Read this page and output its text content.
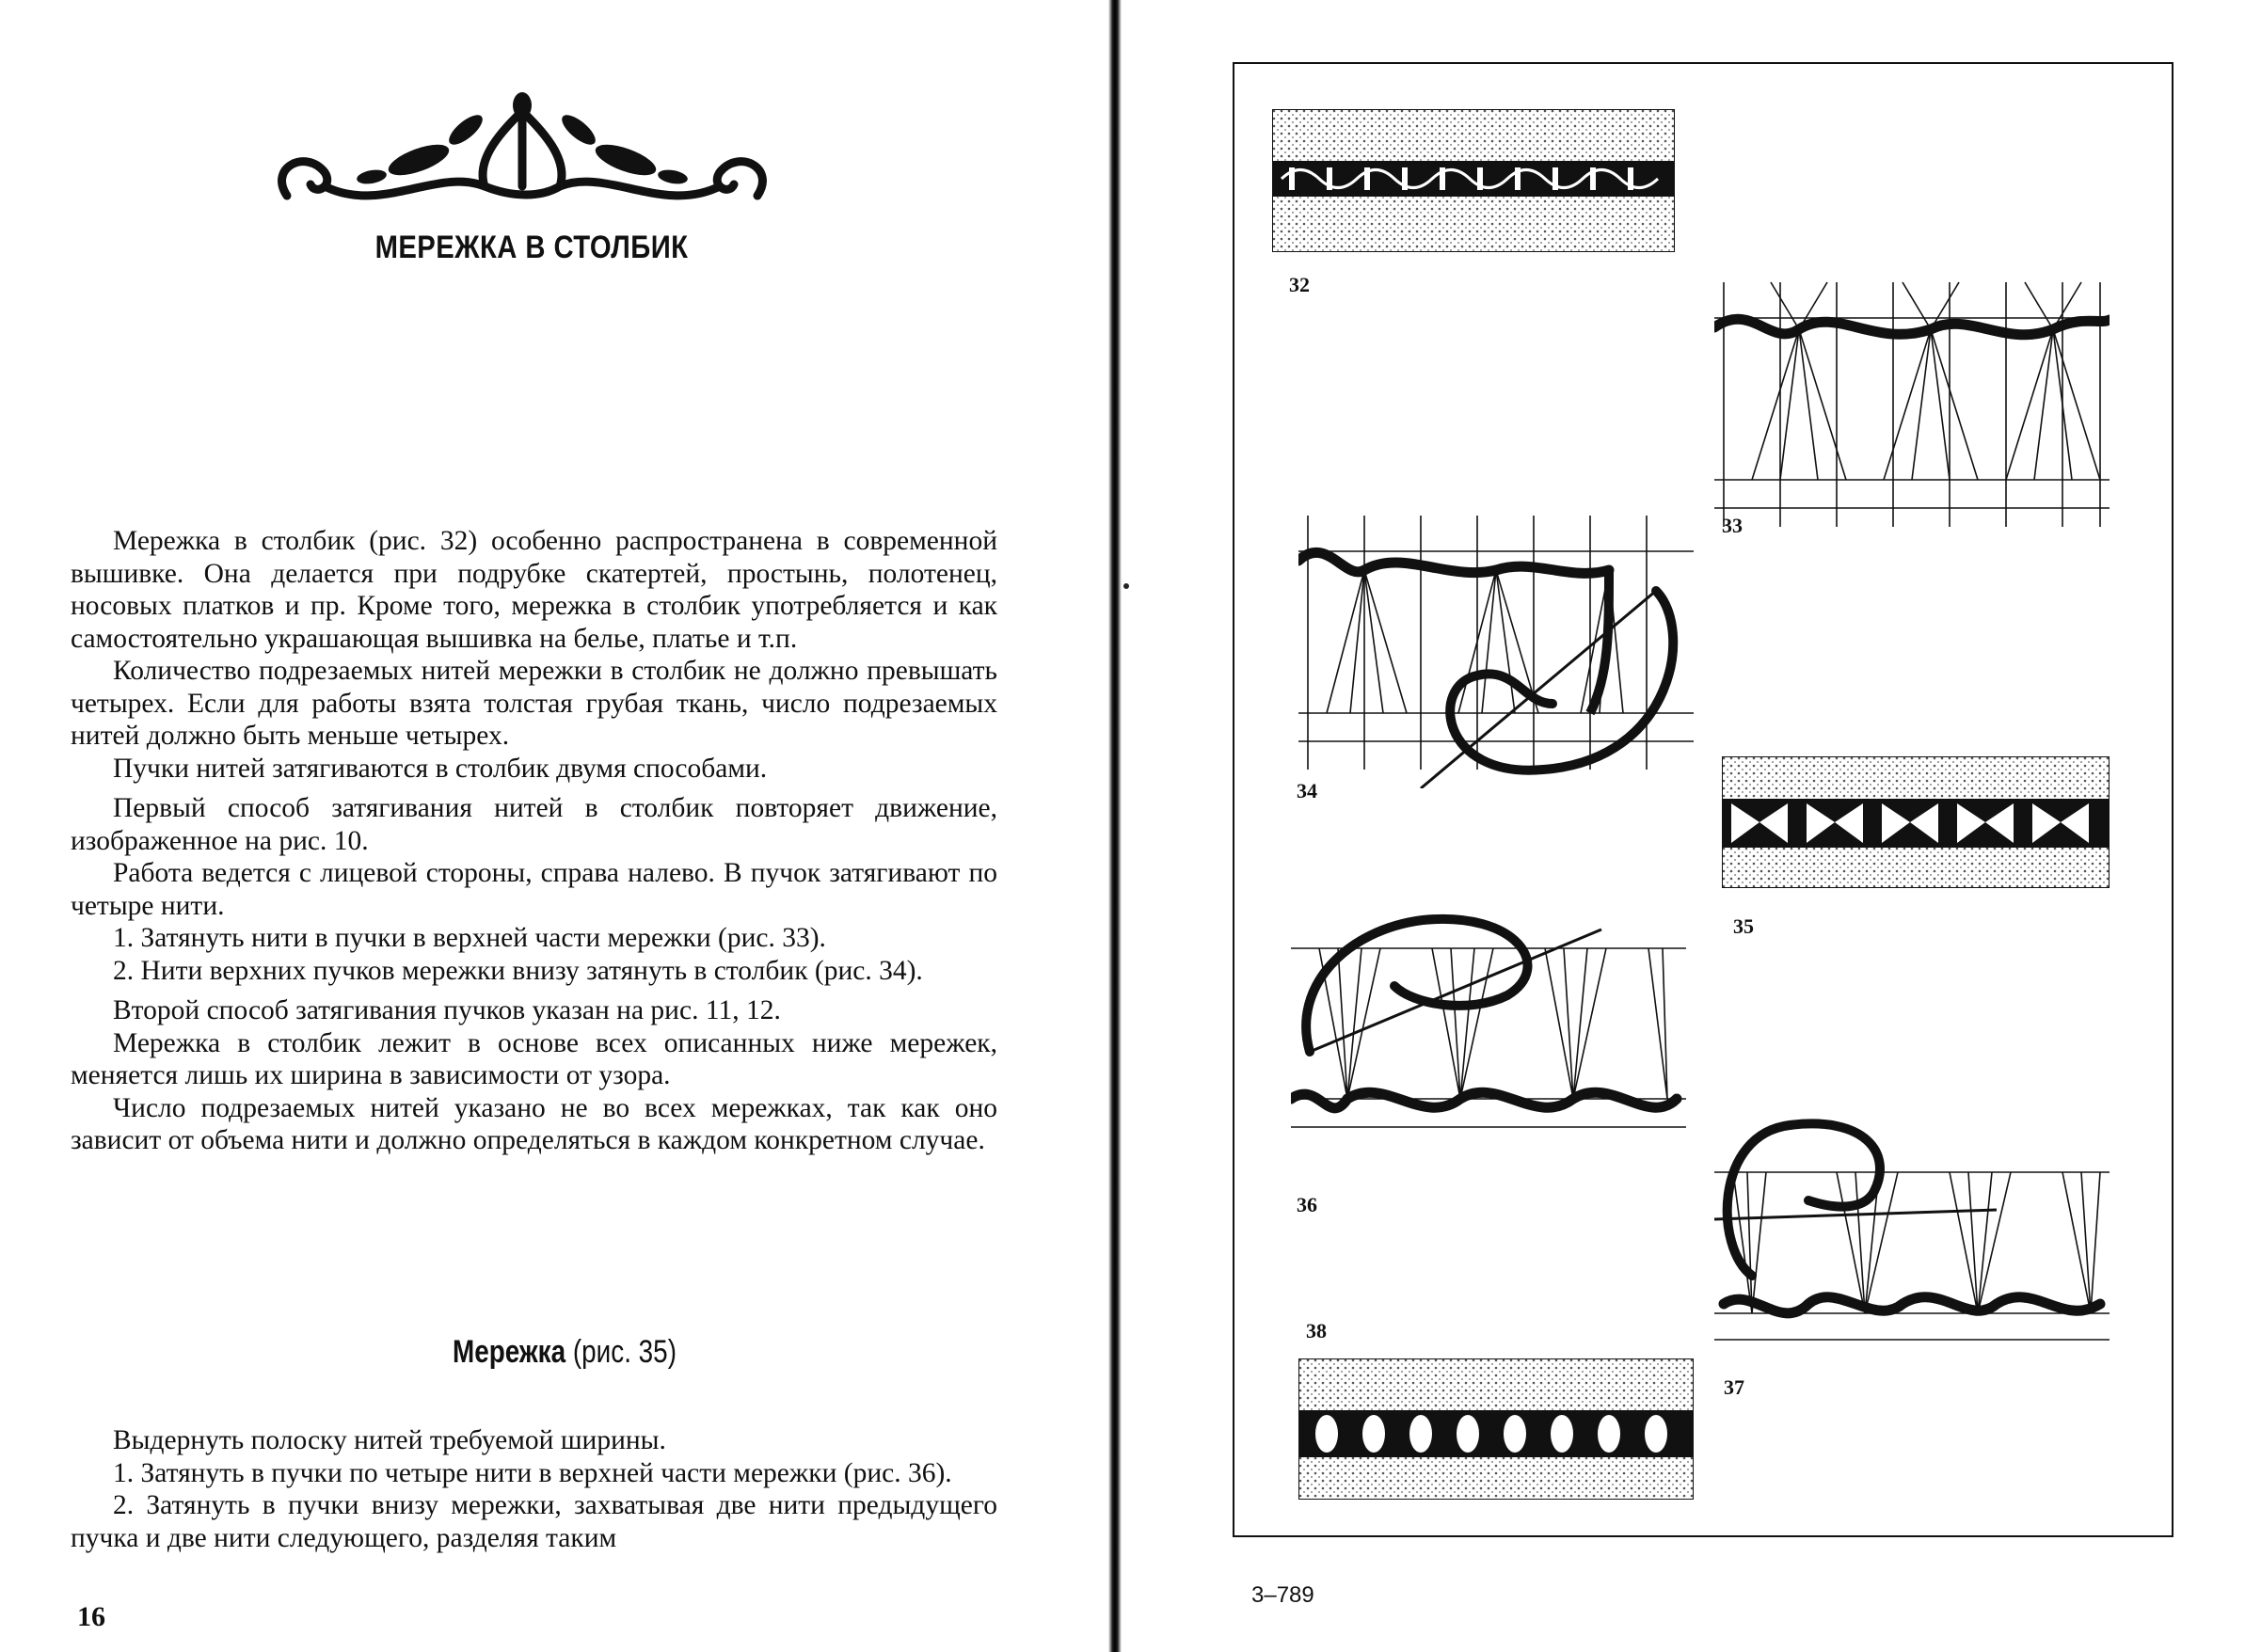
МЕРЕЖКА В СТОЛБИК

Мережка в столбик (рис. 32) особенно распространена в современной вышивке. Она делается при подрубке скатертей, простынь, полотенец, носовых платков и пр. Кроме того, мережка в столбик употребляется и как самостоятельно украшающая вышивка на белье, платье и т.п.

Количество подрезаемых нитей мережки в столбик не должно превышать четырех. Если для работы взята толстая грубая ткань, число подрезаемых нитей должно быть меньше четырех.

Пучки нитей затягиваются в столбик двумя способами.

Первый способ затягивания нитей в столбик повторяет движение, изображенное на рис. 10.

Работа ведется с лицевой стороны, справа налево. В пучок затягивают по четыре нити.

1. Затянуть нити в пучки в верхней части мережки (рис. 33).

2. Нити верхних пучков мережки внизу затянуть в столбик (рис. 34).

Второй способ затягивания пучков указан на рис. 11, 12.

Мережка в столбик лежит в основе всех описанных ниже мережек, меняется лишь их ширина в зависимости от узора.

Число подрезаемых нитей указано не во всех мережках, так как оно зависит от объема нити и должно определяться в каждом конкретном случае.

Мережка (рис. 35)

Выдернуть полоску нитей требуемой ширины.

1. Затянуть в пучки по четыре нити в верхней части мережки (рис. 36).

2. Затянуть в пучки внизу мережки, захватывая две нити предыдущего пучка и две нити следующего, разделяя таким

16
32
34
36
38
37
35
33
3–789
